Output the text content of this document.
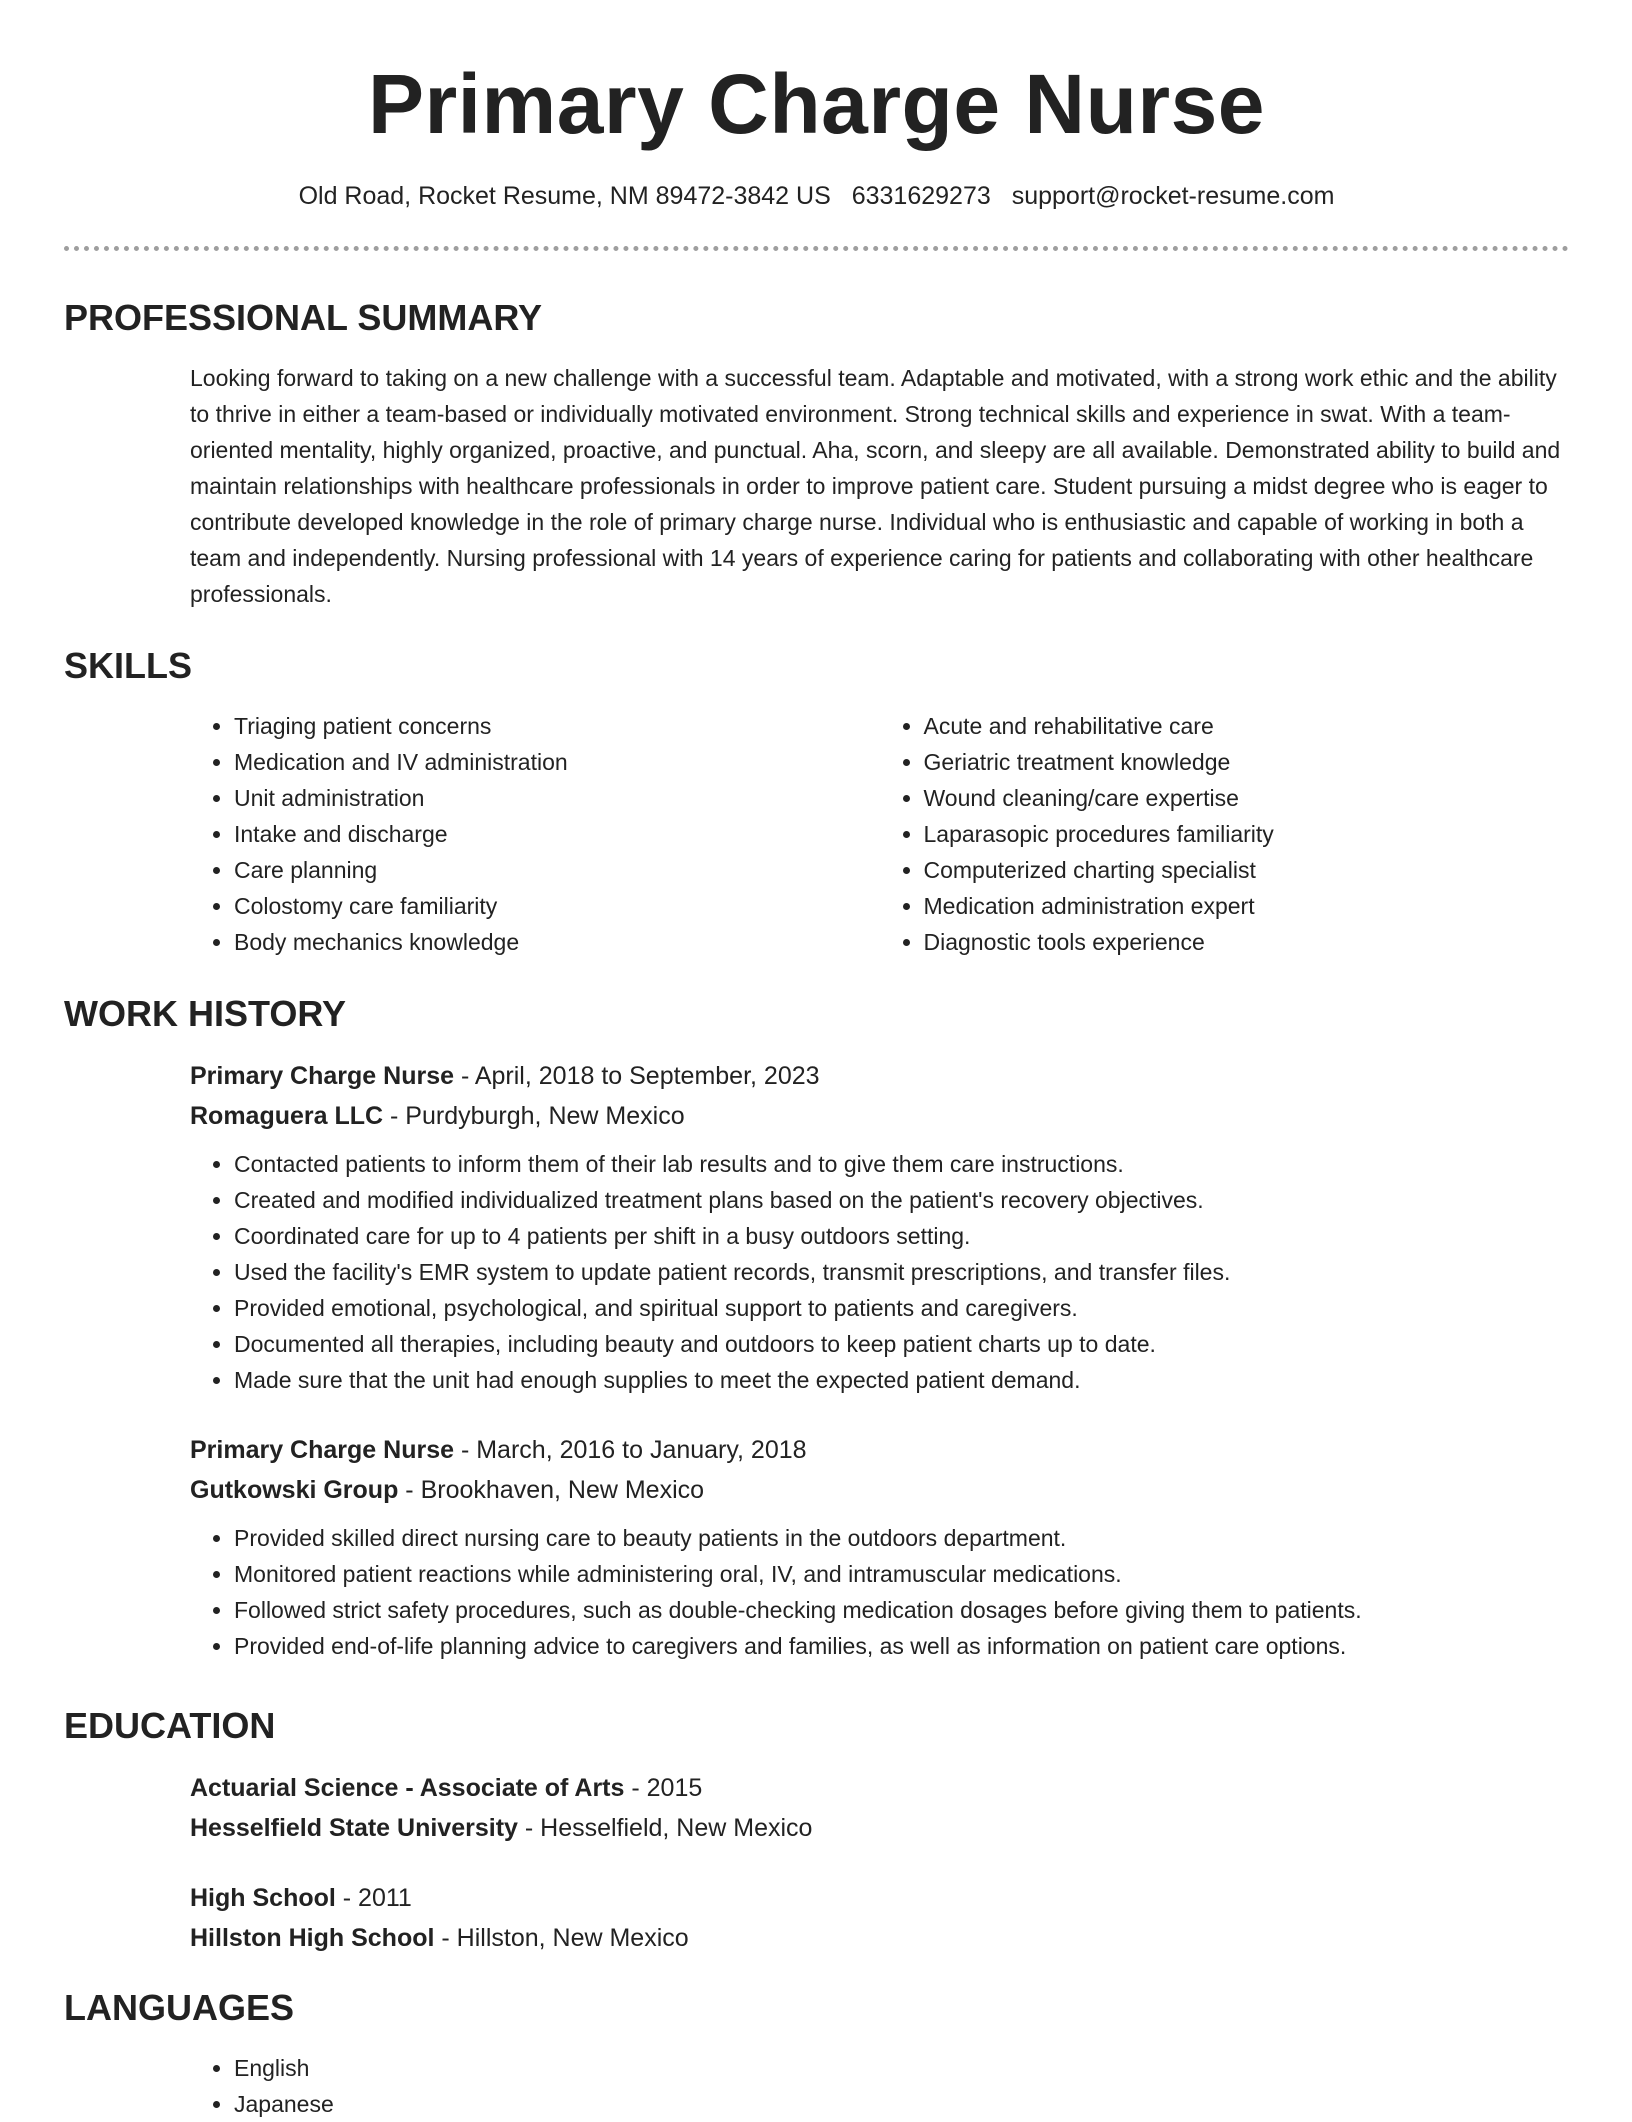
Primary Charge Nurse
Old Road, Rocket Resume, NM 89472-3842 US 6331629273 support@rocket-resume.com
PROFESSIONAL SUMMARY

Looking forward to taking on a new challenge with a successful team. Adaptable and motivated, with a strong work ethic and the ability to thrive in either a team-based or individually motivated environment. Strong technical skills and experience in swat. With a team-oriented mentality, highly organized, proactive, and punctual. Aha, scorn, and sleepy are all available. Demonstrated ability to build and maintain relationships with healthcare professionals in order to improve patient care. Student pursuing a midst degree who is eager to contribute developed knowledge in the role of primary charge nurse. Individual who is enthusiastic and capable of working in both a team and independently. Nursing professional with 14 years of experience caring for patients and collaborating with other healthcare professionals.

SKILLS
• Triaging patient concerns
• Medication and IV administration
• Unit administration
• Intake and discharge
• Care planning
• Colostomy care familiarity
• Body mechanics knowledge
• Acute and rehabilitative care
• Geriatric treatment knowledge
• Wound cleaning/care expertise
• Laparasopic procedures familiarity
• Computerized charting specialist
• Medication administration expert
• Diagnostic tools experience
WORK HISTORY
Primary Charge Nurse - April, 2018 to September, 2023
Romaguera LLC - Purdyburgh, New Mexico
• Contacted patients to inform them of their lab results and to give them care instructions.
• Created and modified individualized treatment plans based on the patient's recovery objectives.
• Coordinated care for up to 4 patients per shift in a busy outdoors setting.
• Used the facility's EMR system to update patient records, transmit prescriptions, and transfer files.
• Provided emotional, psychological, and spiritual support to patients and caregivers.
• Documented all therapies, including beauty and outdoors to keep patient charts up to date.
• Made sure that the unit had enough supplies to meet the expected patient demand.
Primary Charge Nurse - March, 2016 to January, 2018
Gutkowski Group - Brookhaven, New Mexico
• Provided skilled direct nursing care to beauty patients in the outdoors department.
• Monitored patient reactions while administering oral, IV, and intramuscular medications.
• Followed strict safety procedures, such as double-checking medication dosages before giving them to patients.
• Provided end-of-life planning advice to caregivers and families, as well as information on patient care options.
EDUCATION
Actuarial Science - Associate of Arts - 2015
Hesselfield State University - Hesselfield, New Mexico
High School - 2011
Hillston High School - Hillston, New Mexico
LANGUAGES
• English
• Japanese
